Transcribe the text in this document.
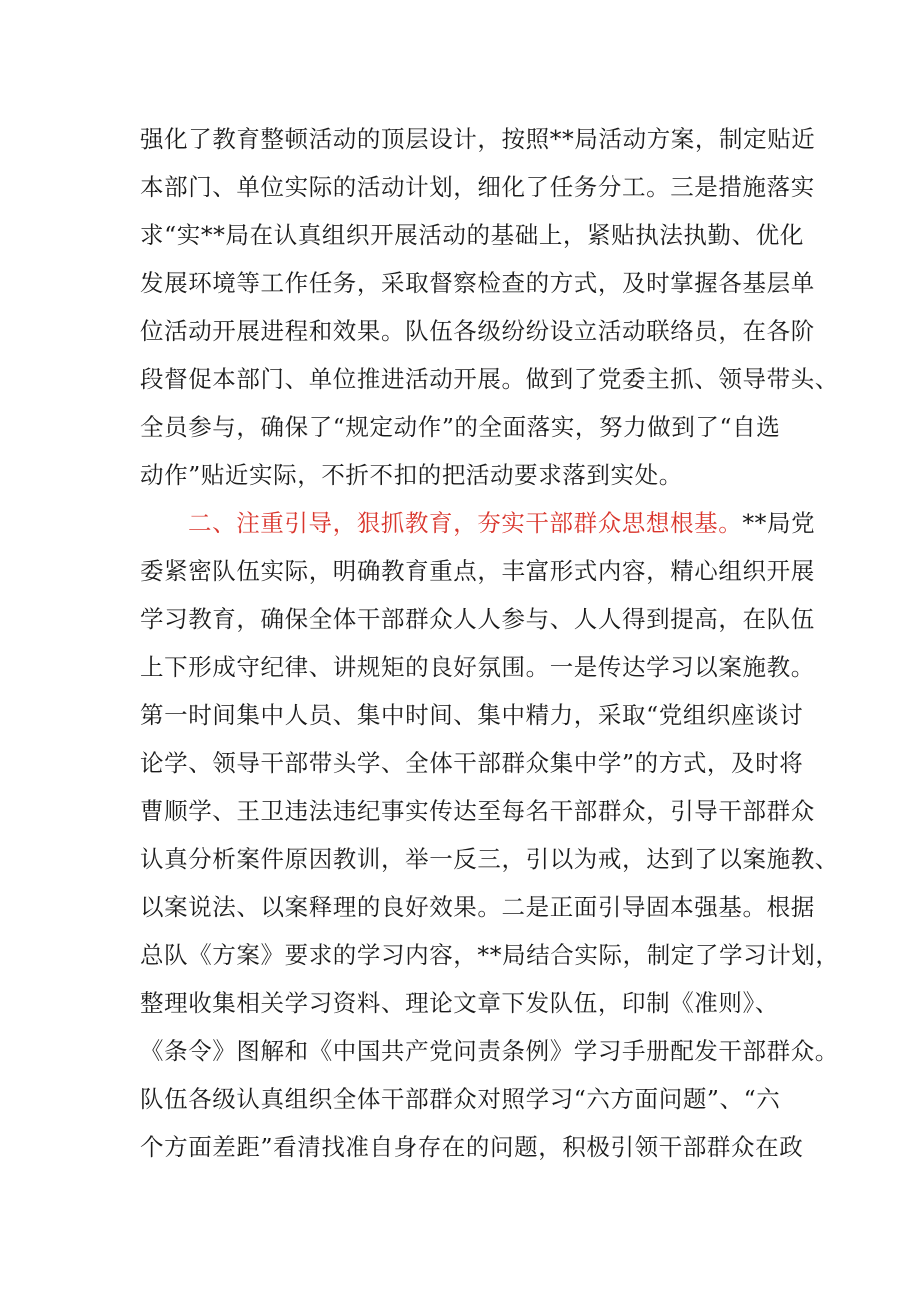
强化了教育整顿活动的顶层设计，按照**局活动方案，制定贴近
本部门、单位实际的活动计划，细化了任务分工。三是措施落实
求“实**局在认真组织开展活动的基础上，紧贴执法执勤、优化
发展环境等工作任务，采取督察检查的方式，及时掌握各基层单
位活动开展进程和效果。队伍各级纷纷设立活动联络员，在各阶
段督促本部门、单位推进活动开展。做到了党委主抓、领导带头、
全员参与，确保了“规定动作”的全面落实，努力做到了“自选
动作”贴近实际，不折不扣的把活动要求落到实处。
二、注重引导，狠抓教育，夯实干部群众思想根基。**局党
委紧密队伍实际，明确教育重点，丰富形式内容，精心组织开展
学习教育，确保全体干部群众人人参与、人人得到提高，在队伍
上下形成守纪律、讲规矩的良好氛围。一是传达学习以案施教。
第一时间集中人员、集中时间、集中精力，采取“党组织座谈讨
论学、领导干部带头学、全体干部群众集中学”的方式，及时将
曹顺学、王卫违法违纪事实传达至每名干部群众，引导干部群众
认真分析案件原因教训，举一反三，引以为戒，达到了以案施教、
以案说法、以案释理的良好效果。二是正面引导固本强基。根据
总队《方案》要求的学习内容，**局结合实际，制定了学习计划，
整理收集相关学习资料、理论文章下发队伍，印制《准则》、
《条令》图解和《中国共产党问责条例》学习手册配发干部群众。
队伍各级认真组织全体干部群众对照学习“六方面问题”、“六
个方面差距”看清找准自身存在的问题，积极引领干部群众在政
